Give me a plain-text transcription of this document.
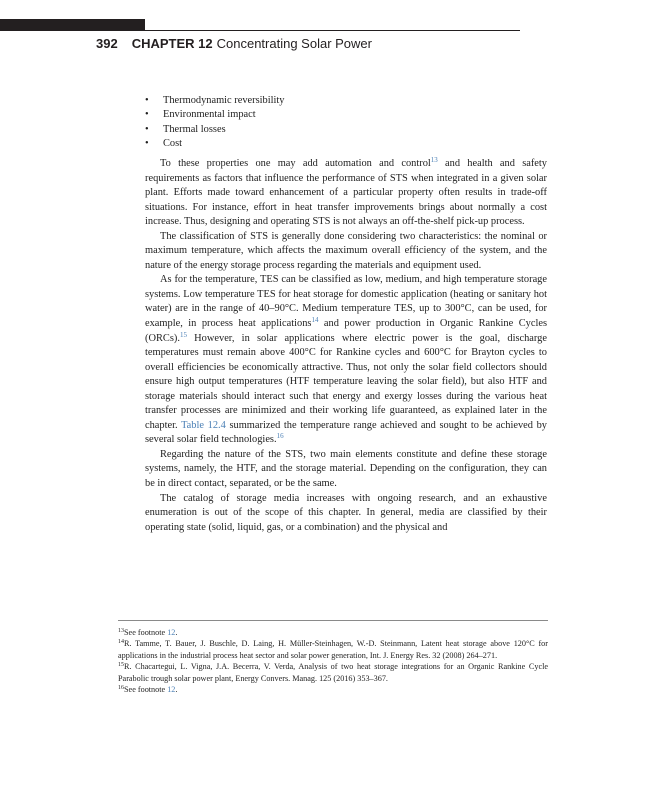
392 CHAPTER 12 Concentrating Solar Power
• Thermodynamic reversibility
• Environmental impact
• Thermal losses
• Cost

To these properties one may add automation and control$^{13}$ and health and safety requirements as factors that influence the performance of STS when integrated in a given solar plant. Efforts made toward enhancement of a particular property often results in trade-off situations. For instance, effort in heat transfer improvements brings about normally a cost increase. Thus, designing and operating STS is not always an off-the-shelf pick-up process.

The classification of STS is generally done considering two characteristics: the nominal or maximum temperature, which affects the maximum overall efficiency of the system, and the nature of the energy storage process regarding the materials and equipment used.

As for the temperature, TES can be classified as low, medium, and high temperature storage systems. Low temperature TES for heat storage for domestic application (heating or sanitary hot water) are in the range of 40–90°C. Medium temperature TES, up to 300°C, can be used, for example, in process heat applications$^{14}$ and power production in Organic Rankine Cycles (ORCs).$^{15}$ However, in solar applications where electric power is the goal, discharge temperatures must remain above 400°C for Rankine cycles and 600°C for Brayton cycles to overall efficiencies be economically attractive. Thus, not only the solar field collectors should ensure high output temperatures (HTF temperature leaving the solar field), but also HTF and storage materials should interact such that energy and exergy losses during the various heat transfer processes are minimized and their working life guaranteed, as explained later in the chapter. Table 12.4 summarized the temperature range achieved and sought to be achieved by several solar field technologies.$^{16}$

Regarding the nature of the STS, two main elements constitute and define these storage systems, namely, the HTF, and the storage material. Depending on the configuration, they can be in direct contact, separated, or be the same.

The catalog of storage media increases with ongoing research, and an exhaustive enumeration is out of the scope of this chapter. In general, media are classified by their operating state (solid, liquid, gas, or a combination) and the physical and

$^{13}$See footnote 12.

$^{14}$R. Tamme, T. Bauer, J. Buschle, D. Laing, H. Müller-Steinhagen, W.-D. Steinmann, Latent heat storage above 120°C for applications in the industrial process heat sector and solar power generation, Int. J. Energy Res. 32 (2008) 264–271.

$^{15}$R. Chacartegui, L. Vigna, J.A. Becerra, V. Verda, Analysis of two heat storage integrations for an Organic Rankine Cycle Parabolic trough solar power plant, Energy Convers. Manag. 125 (2016) 353–367.

$^{16}$See footnote 12.
